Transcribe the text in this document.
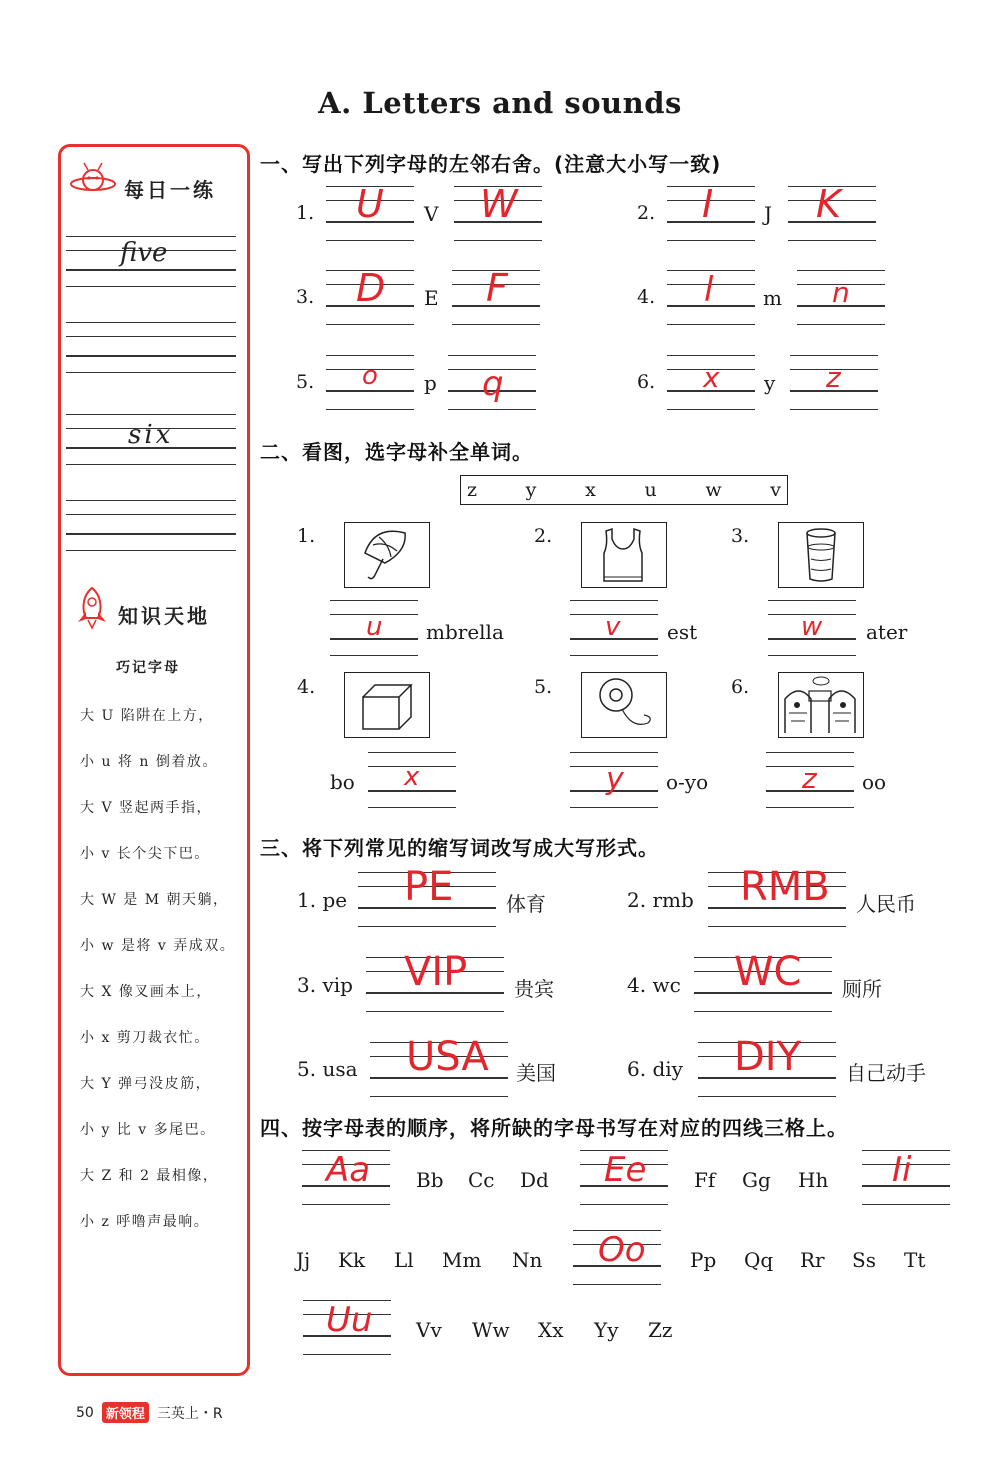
A. Letters and sounds
每日一练
five
six
知识天地
巧记字母
大 U 陷阱在上方，
小 u 将 n 倒着放。
大 V 竖起两手指，
小 v 长个尖下巴。
大 W 是 M 朝天躺，
小 w 是将 v 弄成双。
大 X 像叉画本上，
小 x 剪刀裁衣忙。
大 Y 弹弓没皮筋，
小 y 比 v 多尾巴。
大 Z 和 2 最相像，
小 z 呼噜声最响。
一、写出下列字母的左邻右舍。(注意大小写一致)
1. U V W	2. I	J K
3. D E F	4. l m n
5. o p q	6. x y z
二、看图，选字母补全单词。
z	y	x	u	w	v
1.	2.	3.
u mbrella	v est	w ater
4.	5.	6.
bo x	y o-yo	z oo
三、将下列常见的缩写词改写成大写形式。
1. pe PE	体育	2. rmb RMB 人民币
3. vip VIP 贵宾	4. wc WC 厕所
5. usa USA 美国	6. diy DIY 自己动手
四、按字母表的顺序，将所缺的字母书写在对应的四线三格上。
Aa Bb Cc Dd Ee Ff Gg Hh Ii
Jj Kk Ll Mm Nn Oo Pp Qq Rr Ss Tt
Uu Vv Ww Xx Yy Zz
50 新领程 三英上・R
